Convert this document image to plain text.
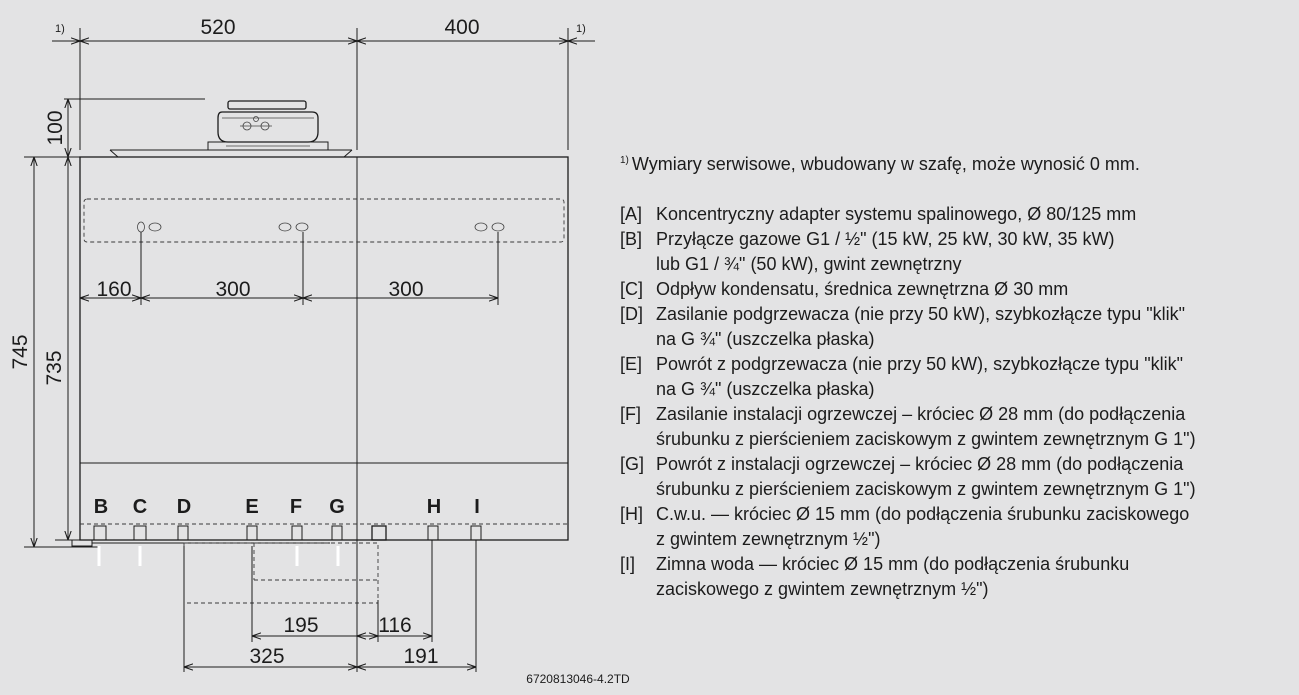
1)	520	400	1)
100
745 735
160	300	300
B C D	E F G	H I
195	116
325	191
6720813046-4.2TD
$^{1)}$ Wymiary serwisowe, wbudowany w szafę, może wynosić 0 mm.
[A] Koncentryczny adapter systemu spalinowego, Ø 80/125 mm
[B] Przyłącze gazowe G1 / ½" (15 kW, 25 kW, 30 kW, 35 kW)
lub G1 / ¾" (50 kW), gwint zewnętrzny
[C] Odpływ kondensatu, średnica zewnętrzna Ø 30 mm
[D] Zasilanie podgrzewacza (nie przy 50 kW), szybkozłącze typu "klik"
na G ¾" (uszczelka płaska)
[E] Powrót z podgrzewacza (nie przy 50 kW), szybkozłącze typu "klik"
na G ¾" (uszczelka płaska)
[F] Zasilanie instalacji ogrzewczej – króciec Ø 28 mm (do podłączenia
śrubunku z pierścieniem zaciskowym z gwintem zewnętrznym G 1")
[G] Powrót z instalacji ogrzewczej – króciec Ø 28 mm (do podłączenia
śrubunku z pierścieniem zaciskowym z gwintem zewnętrznym G 1")
[H] C.w.u. — króciec Ø 15 mm (do podłączenia śrubunku zaciskowego
z gwintem zewnętrznym ½")
[I]	Zimna woda — króciec Ø 15 mm (do podłączenia śrubunku
zaciskowego z gwintem zewnętrznym ½")
